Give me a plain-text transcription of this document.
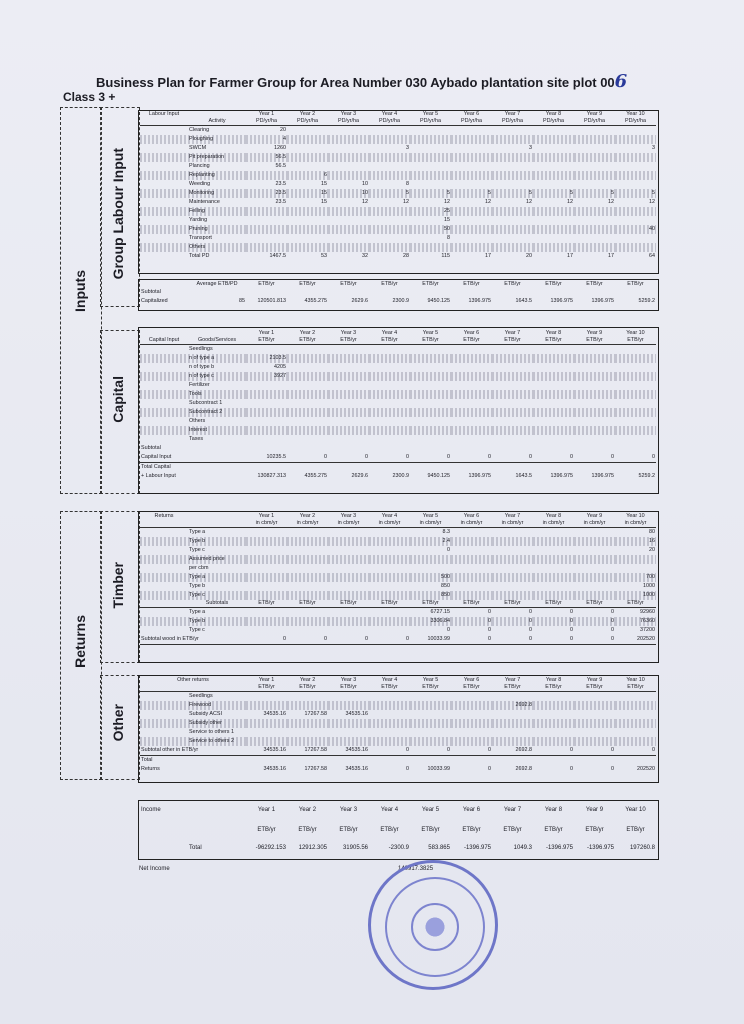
Business Plan for Farmer Group for Area Number 030 Aybado plantation site plot 006
Class 3 +
Inputs
Group Labour Input
Capital
Returns
Timber
Other
Labour Input		Year 1	Year 2	Year 3	Year 4	Year 5	Year 6	Year 7	Year 8	Year 9	Year 10
	Activity	PD/yr/ha	PD/yr/ha	PD/yr/ha	PD/yr/ha	PD/yr/ha	PD/yr/ha	PD/yr/ha	PD/yr/ha	PD/yr/ha	PD/yr/ha
	Clearing	20									
	Ploughing	4									
	SWCM	1260			3			3			3
	Pit preparation	56.5									
	Plancing	56.5									
	Replanting		6								
	Weeding	23.5	15	10	8						
	Monitoring	23.5	15	10	5	5	5	5	5	5	5
	Maintenance	23.5	15	12	12	12	12	12	12	12	12
	Felling					25					
	Yarding					15					
	Pruning					50					40
	Transport					8					
	Others										
	Total PD	1467.5	53	32	28	115	17	20	17	17	64
	Average ETB/PD	ETB/yr	ETB/yr	ETB/yr	ETB/yr	ETB/yr	ETB/yr	ETB/yr	ETB/yr	ETB/yr	ETB/yr
Subtotal											
Capitalized	85	120501.813	4355.275	2629.6	2300.9	9450.125	1396.975	1643.5	1396.975	1396.975	5259.2
		Year 1	Year 2	Year 3	Year 4	Year 5	Year 6	Year 7	Year 8	Year 9	Year 10
Capital Input	Goods/Services	ETB/yr	ETB/yr	ETB/yr	ETB/yr	ETB/yr	ETB/yr	ETB/yr	ETB/yr	ETB/yr	ETB/yr
	Seedlings										
	n of type a	2103.5									
	n of type b	4205									
	n of type c	3927									
	Fertilizer										
	Tools										
	Subcontract 1										
	Subcontract 2										
	Others										
	Interest										
	Taxes										
Subtotal											
Capital Input		10235.5	0	0	0	0	0	0	0	0	0
Total Capital											
+ Labour Input		130827.313	4355.275	2629.6	2300.9	9450.125	1396.975	1643.5	1396.975	1396.975	5259.2
Returns		Year 1	Year 2	Year 3	Year 4	Year 5	Year 6	Year 7	Year 8	Year 9	Year 10
		in cbm/yr	in cbm/yr	in cbm/yr	in cbm/yr	in cbm/yr	in cbm/yr	in cbm/yr	in cbm/yr	in cbm/yr	in cbm/yr
	Type a					8.3					80
	Type b					2.4					16
	Type c					0					20
	Assumed price										
	per cbm										
	Type a					500					700
	Type b					850					1000
	Type c					850					1000
	Subtotals	ETB/yr	ETB/yr	ETB/yr	ETB/yr	ETB/yr	ETB/yr	ETB/yr	ETB/yr	ETB/yr	ETB/yr
	Type a					6727.15	0	0	0	0	92960
	Type b					3306.84	0	0	0	0	76360
	Type c					0	0	0	0	0	37200
Subtotal wood in ETB/yr		0	0	0	0	10033.99	0	0	0	0	202520
Other returns		Year 1	Year 2	Year 3	Year 4	Year 5	Year 6	Year 7	Year 8	Year 9	Year 10
		ETB/yr	ETB/yr	ETB/yr	ETB/yr	ETB/yr	ETB/yr	ETB/yr	ETB/yr	ETB/yr	ETB/yr
	Seedlings										
	Firewood							2692.8			
	Subsidy ACSI	34535.16	17267.58	34535.16							
	Subsidy other										
	Service to others 1										
	Service to others 2										
Subtotal other in ETB/yr		34535.16	17267.58	34535.16	0	0	0	2692.8	0	0	0
Total											
Returns		34535.16	17267.58	34535.16	0	10033.99	0	2692.8	0	0	202520
Income		Year 1	Year 2	Year 3	Year 4	Year 5	Year 6	Year 7	Year 8	Year 9	Year 10

		ETB/yr	ETB/yr	ETB/yr	ETB/yr	ETB/yr	ETB/yr	ETB/yr	ETB/yr	ETB/yr	ETB/yr

	Total	-96292.153	12912.305	31905.56	-2300.9	583.865	-1396.975	1049.3	-1396.975	-1396.975	197260.8
Net Income	140917.3825
